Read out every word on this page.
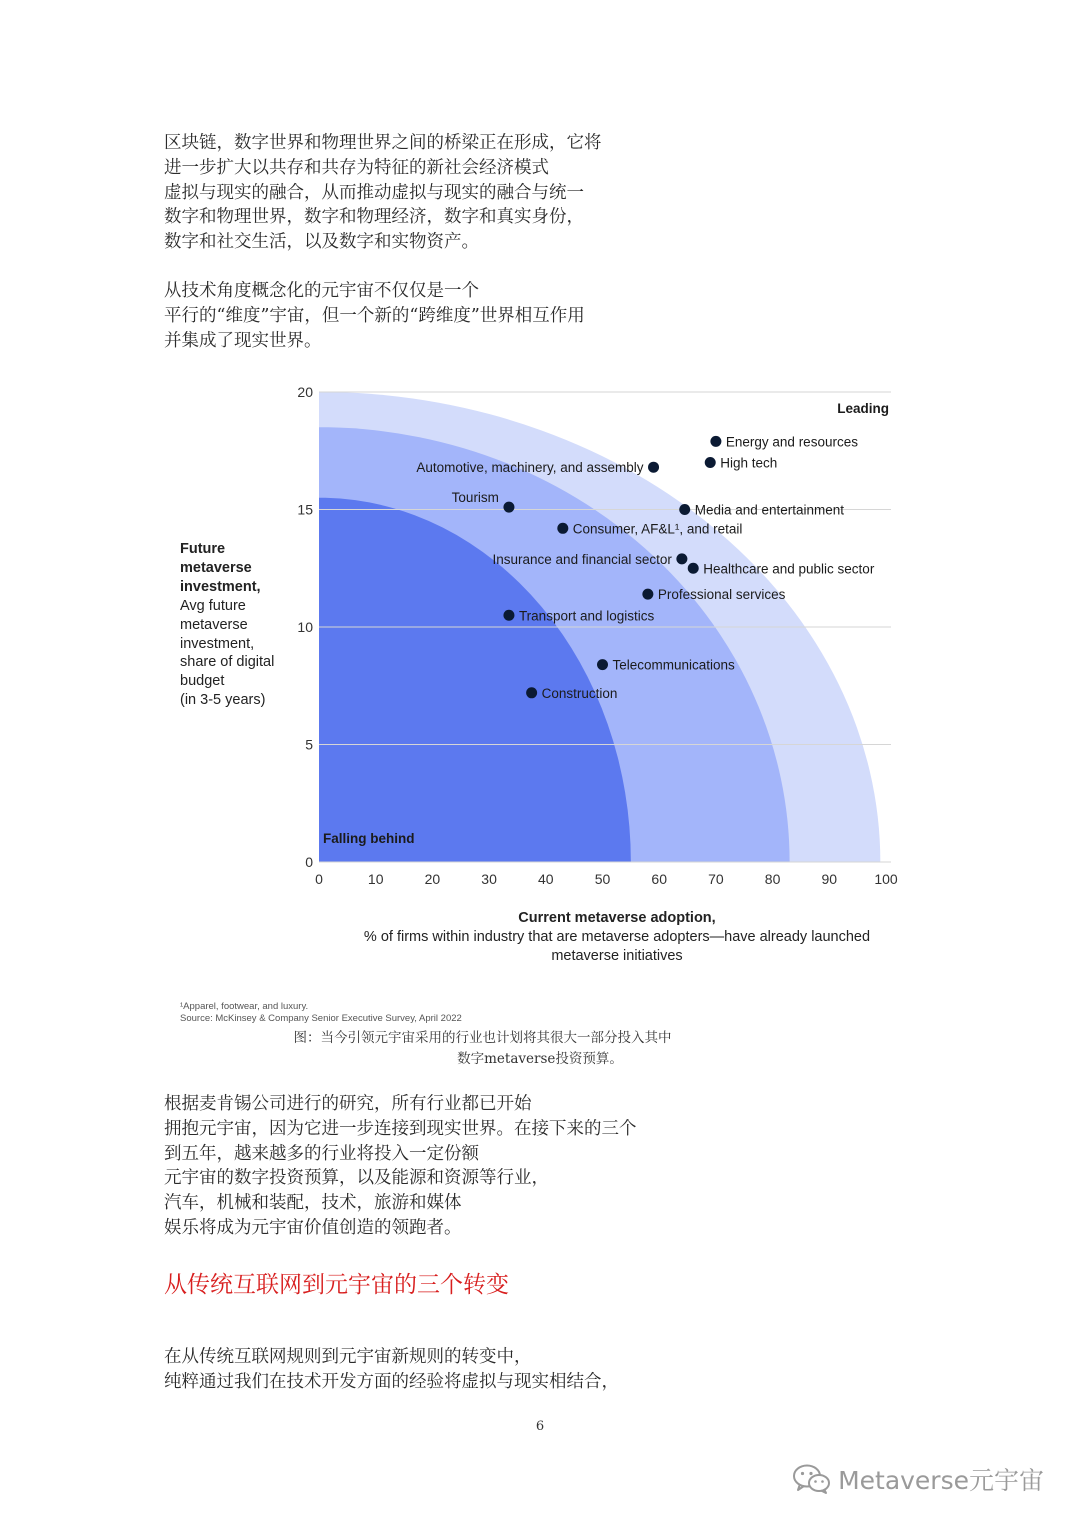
区块链，数字世界和物理世界之间的桥梁正在形成，它将
进一步扩大以共存和共存为特征的新社会经济模式
虚拟与现实的融合，从而推动虚拟与现实的融合与统一
数字和物理世界，数字和物理经济，数字和真实身份，
数字和社交生活，以及数字和实物资产。
从技术角度概念化的元宇宙不仅仅是一个
平行的“维度”宇宙，但一个新的“跨维度”世界相互作用
并集成了现实世界。
0
5
10
15
20
0	10	20	30	40	50	60	70	80	90	100
Leading
Falling behind
Energy and resources
High tech
Automotive, machinery, and assembly
Media and entertainment
Tourism
Consumer, AF&L¹, and retail
Insurance and financial sector
Healthcare and public sector
Professional services
Transport and logistics
Telecommunications
Construction
Future
metaverse
investment,
Avg future
metaverse
investment,
share of digital
budget
(in 3-5 years)
Current metaverse adoption,
% of firms within industry that are metaverse adopters—have already launched
metaverse initiatives
¹Apparel, footwear, and luxury.
Source: McKinsey & Company Senior Executive Survey, April 2022
图：当今引领元宇宙采用的行业也计划将其很大一部分投入其中
数字metaverse投资预算。
根据麦肯锡公司进行的研究，所有行业都已开始
拥抱元宇宙，因为它进一步连接到现实世界。在接下来的三个
到五年，越来越多的行业将投入一定份额
元宇宙的数字投资预算，以及能源和资源等行业，
汽车，机械和装配，技术，旅游和媒体
娱乐将成为元宇宙价值创造的领跑者。
从传统互联网到元宇宙的三个转变
在从传统互联网规则到元宇宙新规则的转变中，
纯粹通过我们在技术开发方面的经验将虚拟与现实相结合，
6
Metaverse元宇宙
